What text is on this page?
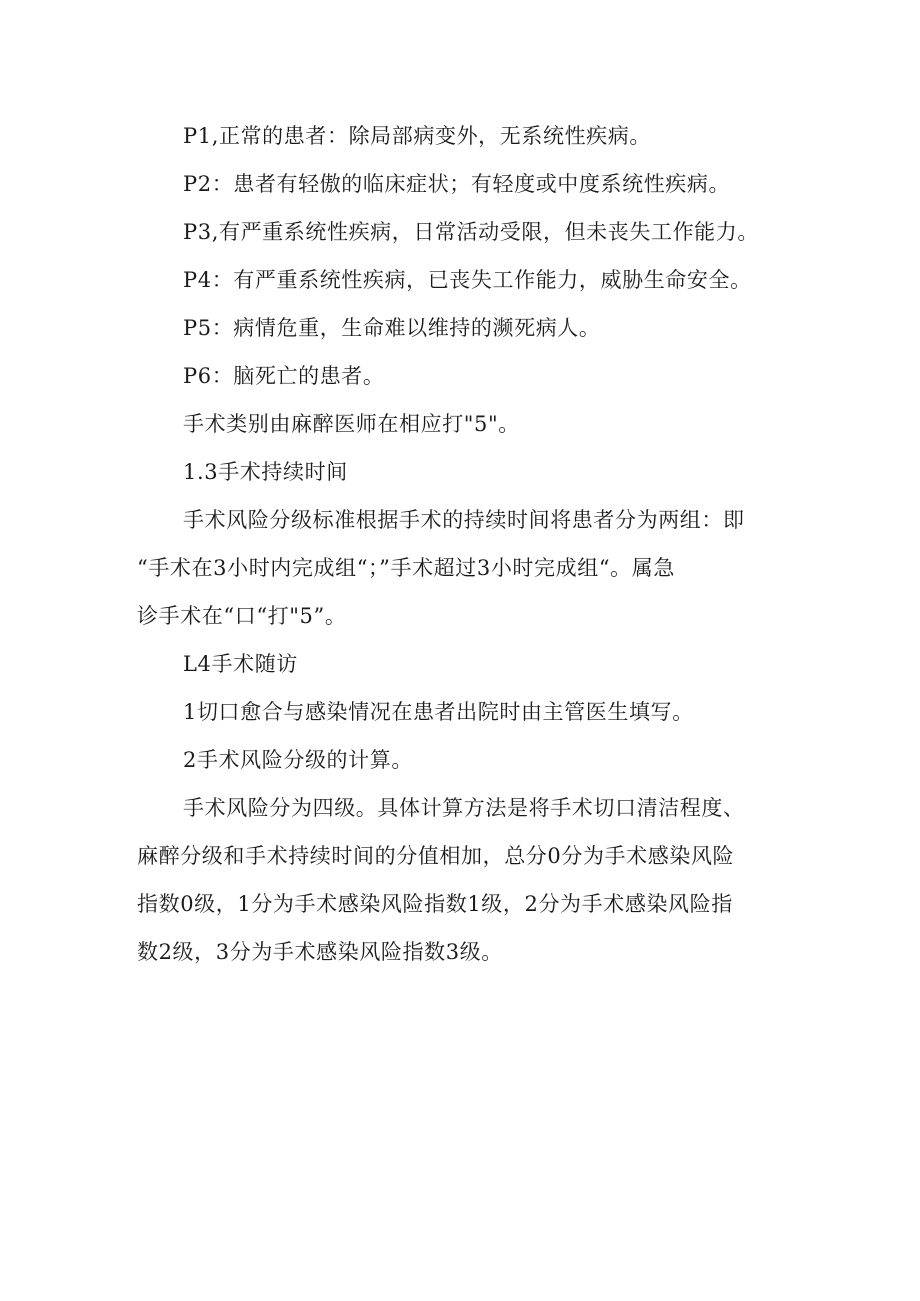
P1,正常的患者：除局部病变外，无系统性疾病。
P2：患者有轻傲的临床症状；有轻度或中度系统性疾病。
P3,有严重系统性疾病，日常活动受限，但未丧失工作能力。
P4：有严重系统性疾病，已丧失工作能力，威胁生命安全。
P5：病情危重，生命难以维持的濒死病人。
P6：脑死亡的患者。
手术类别由麻醉医师在相应打"5"。
1.3手术持续时间
手术风险分级标准根据手术的持续时间将患者分为两组：即
“手术在3小时内完成组“；”手术超过3小时完成组“。属急
诊手术在“口“打"5”。
L4手术随访
1切口愈合与感染情况在患者出院时由主管医生填写。
2手术风险分级的计算。
手术风险分为四级。具体计算方法是将手术切口清洁程度、
麻醉分级和手术持续时间的分值相加，总分0分为手术感染风险
指数0级，1分为手术感染风险指数1级，2分为手术感染风险指
数2级，3分为手术感染风险指数3级。
